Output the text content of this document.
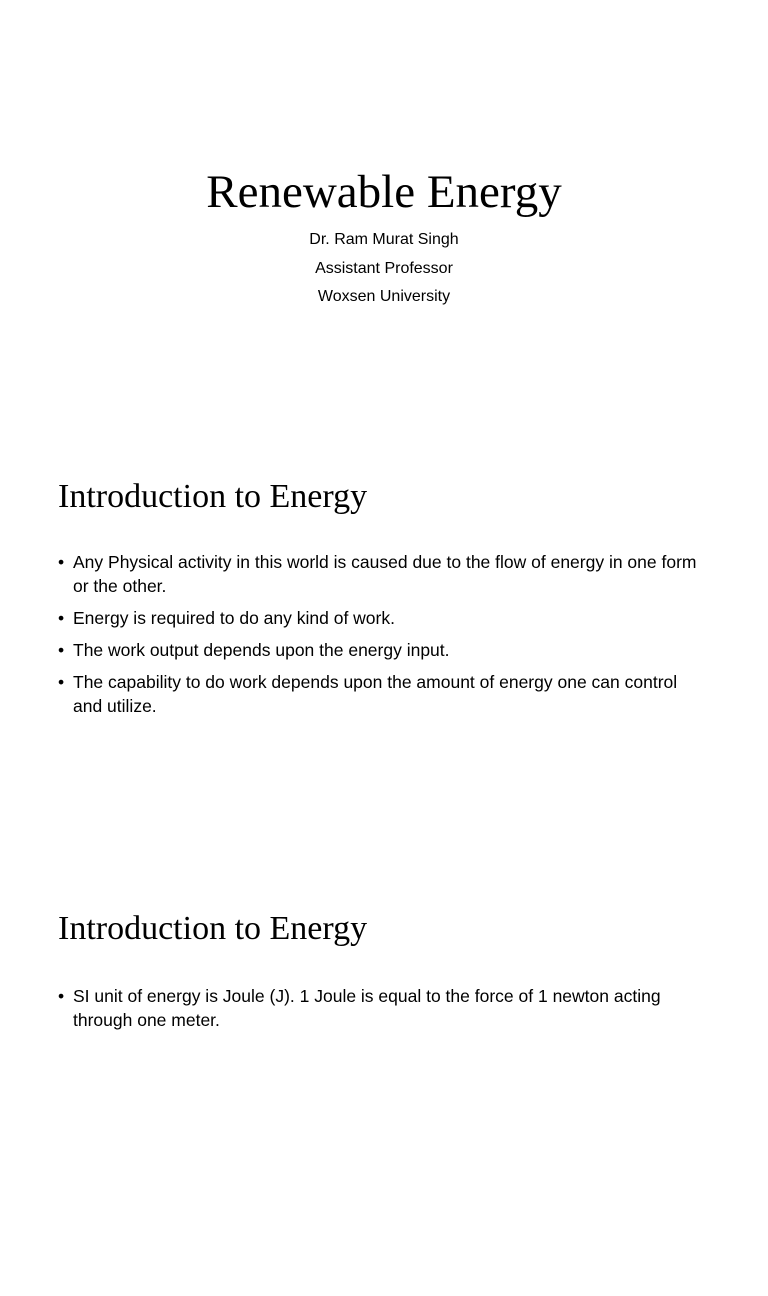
Renewable Energy
Dr. Ram Murat Singh
Assistant Professor
Woxsen University
Introduction to Energy
• Any Physical activity in this world is caused due to the flow of energy in one form or the other.
• Energy is required to do any kind of work.
• The work output depends upon the energy input.
• The capability to do work depends upon the amount of energy one can control and utilize.
Introduction to Energy
• SI unit of energy is Joule (J). 1 Joule is equal to the force of 1 newton acting through one meter.
